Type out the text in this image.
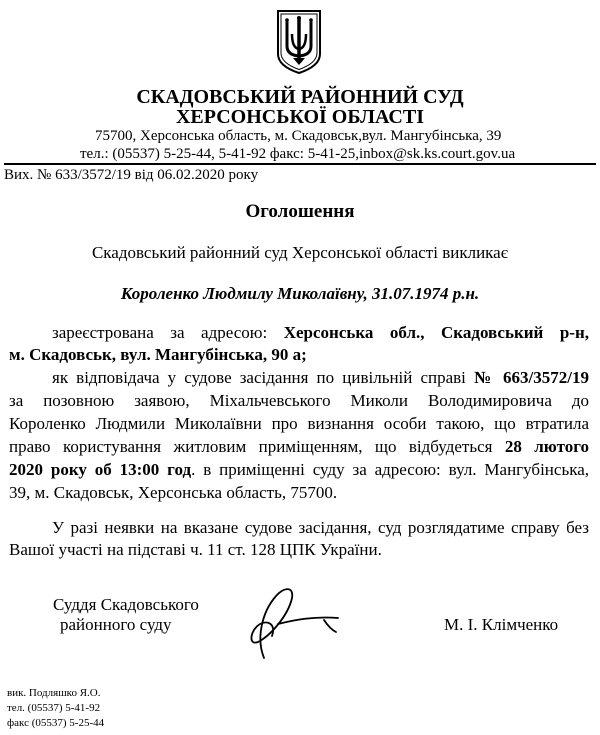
СКАДОВСЬКИЙ РАЙОННИЙ СУД
ХЕРСОНСЬКОЇ ОБЛАСТІ
75700, Херсонська область, м. Скадовськ,вул. Мангубінська, 39
тел.: (05537) 5-25-44, 5-41-92 факс: 5-41-25,inbox@sk.ks.court.gov.ua
Вих. № 633/3572/19 від 06.02.2020 року
Оголошення
Скадовський районний суд Херсонської області викликає
Короленко Людмилу Миколаївну, 31.07.1974 р.н.
зареєстрована за адресою: Херсонська обл., Скадовський р-н,
м. Скадовськ, вул. Мангубінська, 90 а;
як відповідача у судове засідання по цивільній справі № 663/3572/19
за позовною заявою, Міхальчевського Миколи Володимировича до
Короленко Людмили Миколаївни про визнання особи такою, що втратила
право користування житловим приміщенням, що відбудеться 28 лютого
2020 року об 13:00 год. в приміщенні суду за адресою: вул. Мангубінська,
39, м. Скадовськ, Херсонська область, 75700.
У разі неявки на вказане судове засідання, суд розглядатиме справу без
Вашої участі на підставі ч. 11 ст. 128 ЦПК України.
Суддя Скадовського
районного суду	М. І. Клімченко
вик. Подляшко Я.О.
тел. (05537) 5-41-92
факс (05537) 5-25-44
